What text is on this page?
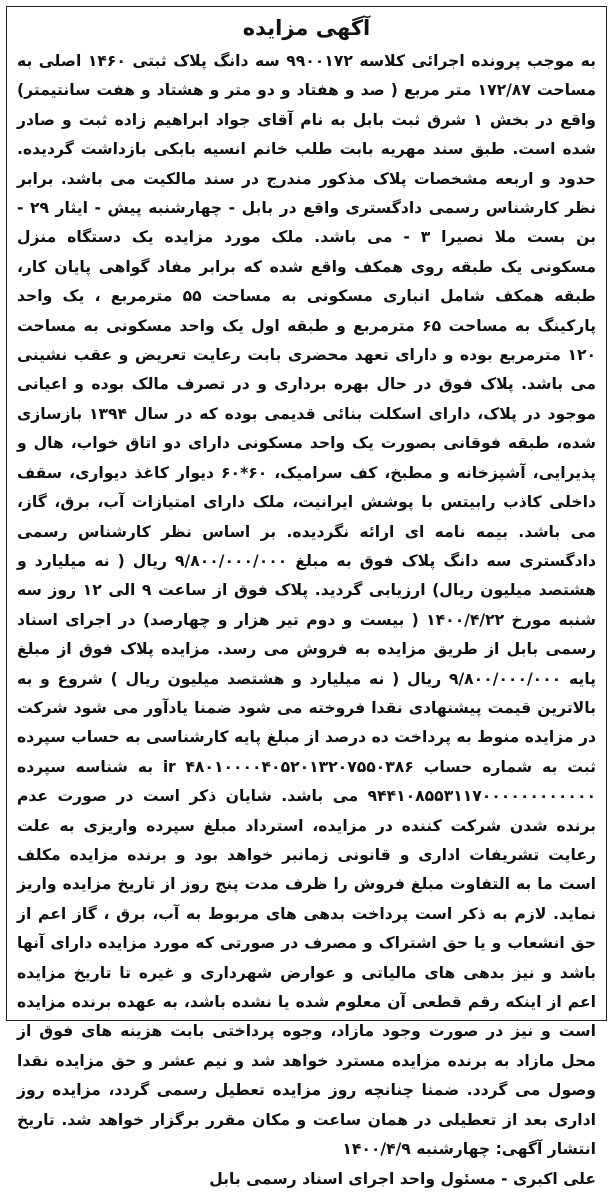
آگهی مزایده

به موجب پرونده اجرائی کلاسه ۹۹۰۰۱۷۲ سه دانگ پلاک ثبتی ۱۴۶۰ اصلی به مساحت ۱۷۲/۸۷ متر مربع ( صد و هفتاد و دو متر و هشتاد و هفت سانتیمتر) واقع در بخش ۱ شرق ثبت بابل به نام آقای جواد ابراهیم زاده ثبت و صادر شده است. طبق سند مهریه بابت طلب خانم انسیه بابکی بازداشت گردیده. حدود و اربعه مشخصات پلاک مذکور مندرج در سند مالکیت می باشد. برابر نظر کارشناس رسمی دادگستری واقع در بابل - چهارشنبه پیش - ایثار ۲۹ - بن بست ملا نصیرا ۳ - می باشد. ملک مورد مزایده یک دستگاه منزل مسکونی یک طبقه روی همکف واقع شده که برابر مفاد گواهی پایان کار، طبقه همکف شامل انباری مسکونی به مساحت ۵۵ مترمربع ، یک واحد پارکینگ به مساحت ۶۵ مترمربع و طبقه اول یک واحد مسکونی به مساحت ۱۲۰ مترمربع بوده و دارای تعهد محضری بابت رعایت تعریض و عقب نشینی می باشد. پلاک فوق در حال بهره برداری و در تصرف مالک بوده و اعیانی موجود در پلاک، دارای اسکلت بنائی قدیمی بوده که در سال ۱۳۹۴ بازسازی شده، طبقه فوقانی بصورت یک واحد مسکونی دارای دو اتاق خواب، هال و پذیرایی، آشپزخانه و مطبخ، کف سرامیک، ۶۰*۶۰ دیوار کاغذ دیواری، سقف داخلی کاذب رابیتس با پوشش ایرانیت، ملک دارای امتیازات آب، برق، گاز، می باشد. بیمه نامه ای ارائه نگردیده. بر اساس نظر کارشناس رسمی دادگستری سه دانگ پلاک فوق به مبلغ ۹/۸۰۰/۰۰۰/۰۰۰ ریال ( نه میلیارد و هشتصد میلیون ریال) ارزیابی گردید. پلاک فوق از ساعت ۹ الی ۱۲ روز سه شنبه مورخ ۱۴۰۰/۴/۲۲ ( بیست و دوم تیر هزار و چهارصد) در اجرای اسناد رسمی بابل از طریق مزایده به فروش می رسد. مزایده پلاک فوق از مبلغ پایه ۹/۸۰۰/۰۰۰/۰۰۰ ریال ( نه میلیارد و هشتصد میلیون ریال ) شروع و به بالاترین قیمت پیشنهادی نقدا فروخته می شود ضمنا یادآور می شود شرکت در مزایده منوط به پرداخت ده درصد از مبلغ پایه کارشناسی به حساب سپرده ثبت به شماره حساب ۴۸۰۱۰۰۰۰۴۰۵۲۰۱۳۲۰۷۵۵۰۳۸۶ ir به شناسه سپرده ۹۴۴۱۰۸۵۵۳۱۱۷۰۰۰۰۰۰۰۰۰۰۰۰ می باشد. شایان ذکر است در صورت عدم برنده شدن شرکت کننده در مزایده، استرداد مبلغ سپرده واریزی به علت رعایت تشریفات اداری و قانونی زمانبر خواهد بود و برنده مزایده مکلف است ما به التفاوت مبلغ فروش را ظرف مدت پنج روز از تاریخ مزایده واریز نماید. لازم به ذکر است پرداخت بدهی های مربوط به آب، برق ، گاز اعم از حق انشعاب و یا حق اشتراک و مصرف در صورتی که مورد مزایده دارای آنها باشد و نیز بدهی های مالیاتی و عوارض شهرداری و غیره تا تاریخ مزایده اعم از اینکه رقم قطعی آن معلوم شده یا نشده باشد، به عهده برنده مزایده است و نیز در صورت وجود مازاد، وجوه پرداختی بابت هزینه های فوق از محل مازاد به برنده مزایده مسترد خواهد شد و نیم عشر و حق مزایده نقدا وصول می گردد. ضمنا چنانچه روز مزایده تعطیل رسمی گردد، مزایده روز اداری بعد از تعطیلی در همان ساعت و مکان مقرر برگزار خواهد شد. تاریخ انتشار آگهی: چهارشنبه ۱۴۰۰/۴/۹

علی اکبری - مسئول واحد اجرای اسناد رسمی بابل
